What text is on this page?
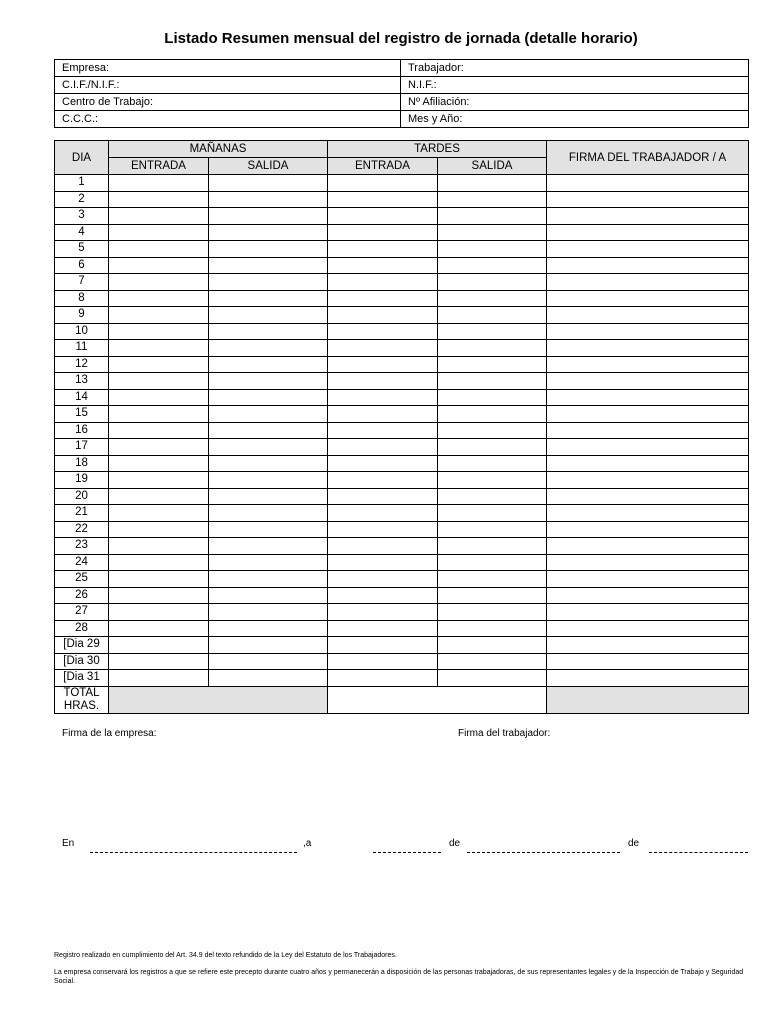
Listado Resumen mensual del registro de jornada (detalle horario)
Empresa:	Trabajador:
C.I.F./N.I.F.:	N.I.F.:
Centro de Trabajo:	Nº Afiliación:
C.C.C.:	Mes y Año:
DIA	MAÑANAS		TARDES		FIRMA DEL TRABAJADOR / A
	ENTRADA	SALIDA	ENTRADA	SALIDA	
1					
2					
3					
4					
5					
6					
7					
8					
9					
10					
11					
12					
13					
14					
15					
16					
17					
18					
19					
20					
21					
22					
23					
24					
25					
26					
27					
28					
[Dia 29					
[Dia 30					
[Dia 31					
TOTAL HRAS.					
Firma de la empresa:	Firma del trabajador:
En	,a	de	de
Registro realizado en cumplimiento del Art. 34.9 del texto refundido de la Ley del Estatuto de los Trabajadores.
La empresa conservará los registros a que se refiere este precepto durante cuatro años y permanecerán a disposición de las personas trabajadoras, de sus representantes legales y de la Inspección de Trabajo y Seguridad Social.
